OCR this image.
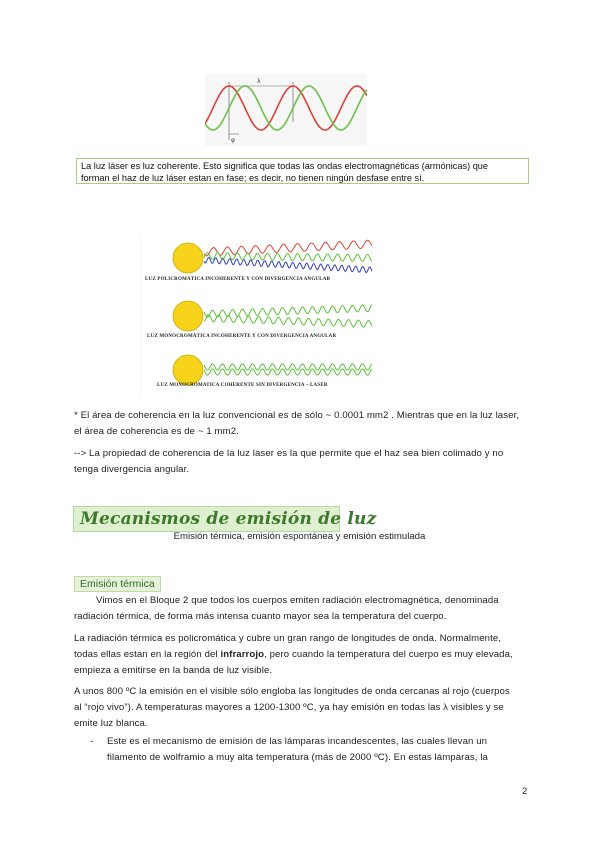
λ
φ
La luz láser es luz coherente. Esto significa que todas las ondas electromagnéticas (armónicas) que
forman el haz de luz láser estan en fase; es decir, no tienen ningún desfase entre sí.
LUZ POLICROMÁTICA INCOHERENTE Y CON DIVERGENCIA ANGULAR
LUZ MONOCROMÁTICA INCOHERENTE Y CON DIVERGENCIA ANGULAR
LUZ MONOCROMATICA COHERENTE SIN DIVERGENCIA – LASER
* El área de coherencia en la luz convencional es de sólo ~ 0.0001 mm2 . Mientras que en la luz laser,
el área de coherencia es de ~ 1 mm2.
--> La propiedad de coherencia de la luz laser es la que permite que el haz sea bien colimado y no
tenga divergencia angular.
Mecanismos de emisión de luz
Emisión térmica, emisión espontánea y emisión estimulada
Emisión térmica
Vimos en el Bloque 2 que todos los cuerpos emiten radiación electromagnética, denominada
radiación térmica, de forma más intensa cuanto mayor sea la temperatura del cuerpo.
La radiación térmica es policromática y cubre un gran rango de longitudes de onda. Normalmente,
todas ellas estan en la región del infrarrojo, pero cuando la temperatura del cuerpo es muy elevada,
empieza a emitirse en la banda de luz visible.
A unos 800 ºC la emisión en el visible sólo engloba las longitudes de onda cercanas al rojo (cuerpos
al “rojo vivo”). A temperaturas mayores a 1200-1300 ºC, ya hay emisión en todas las λ visibles y se
emite luz blanca.
-	Este es el mecanismo de emisión de las lámparas incandescentes, las cuales llevan un
filamento de wolframio a muy alta temperatura (más de 2000 ºC). En estas lámparas, la
2
